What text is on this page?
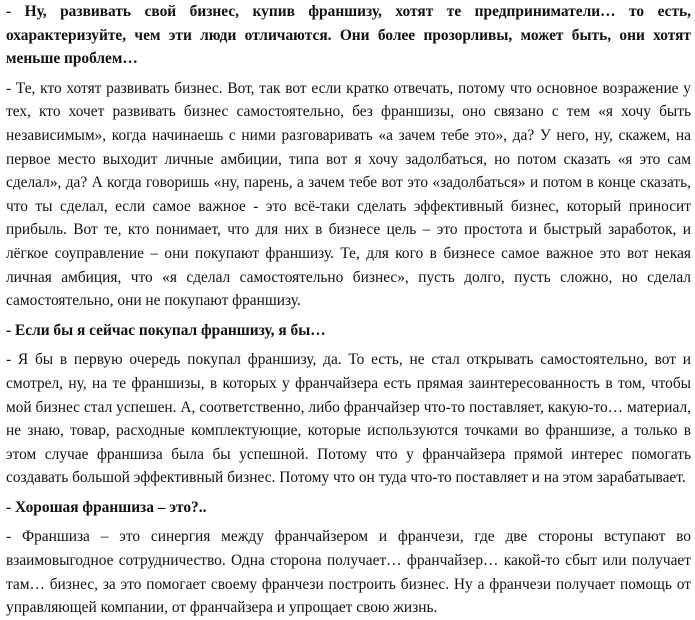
- Ну, развивать свой бизнес, купив франшизу, хотят те предприниматели… то есть, охарактеризуйте, чем эти люди отличаются. Они более прозорливы, может быть, они хотят меньше проблем…

- Те, кто хотят развивать бизнес. Вот, так вот если кратко отвечать, потому что основное возражение у тех, кто хочет развивать бизнес самостоятельно, без франшизы, оно связано с тем «я хочу быть независимым», когда начинаешь с ними разговаривать «а зачем тебе это», да? У него, ну, скажем, на первое место выходит личные амбиции, типа вот я хочу задолбаться, но потом сказать «я это сам сделал», да? А когда говоришь «ну, парень, а зачем тебе вот это «задолбаться» и потом в конце сказать, что ты сделал, если самое важное - это всё-таки сделать эффективный бизнес, который приносит прибыль. Вот те, кто понимает, что для них в бизнесе цель – это простота и быстрый заработок, и лёгкое соуправление – они покупают франшизу. Те, для кого в бизнесе самое важное это вот некая личная амбиция, что «я сделал самостоятельно бизнес», пусть долго, пусть сложно, но сделал самостоятельно, они не покупают франшизу.

- Если бы я сейчас покупал франшизу, я бы…

- Я бы в первую очередь покупал франшизу, да. То есть, не стал открывать самостоятельно, вот и смотрел, ну, на те франшизы, в которых у франчайзера есть прямая заинтересованность в том, чтобы мой бизнес стал успешен. А, соответственно, либо франчайзер что-то поставляет, какую-то… материал, не знаю, товар, расходные комплектующие, которые используются точками во франшизе, а только в этом случае франшиза была бы успешной. Потому что у франчайзера прямой интерес помогать создавать большой эффективный бизнес. Потому что он туда что-то поставляет и на этом зарабатывает.

- Хорошая франшиза – это?..

- Франшиза – это синергия между франчайзером и франчези, где две стороны вступают во взаимовыгодное сотрудничество. Одна сторона получает… франчайзер… какой-то сбыт или получает там… бизнес, за это помогает своему франчези построить бизнес. Ну а франчези получает помощь от управляющей компании, от франчайзера и упрощает свою жизнь.
